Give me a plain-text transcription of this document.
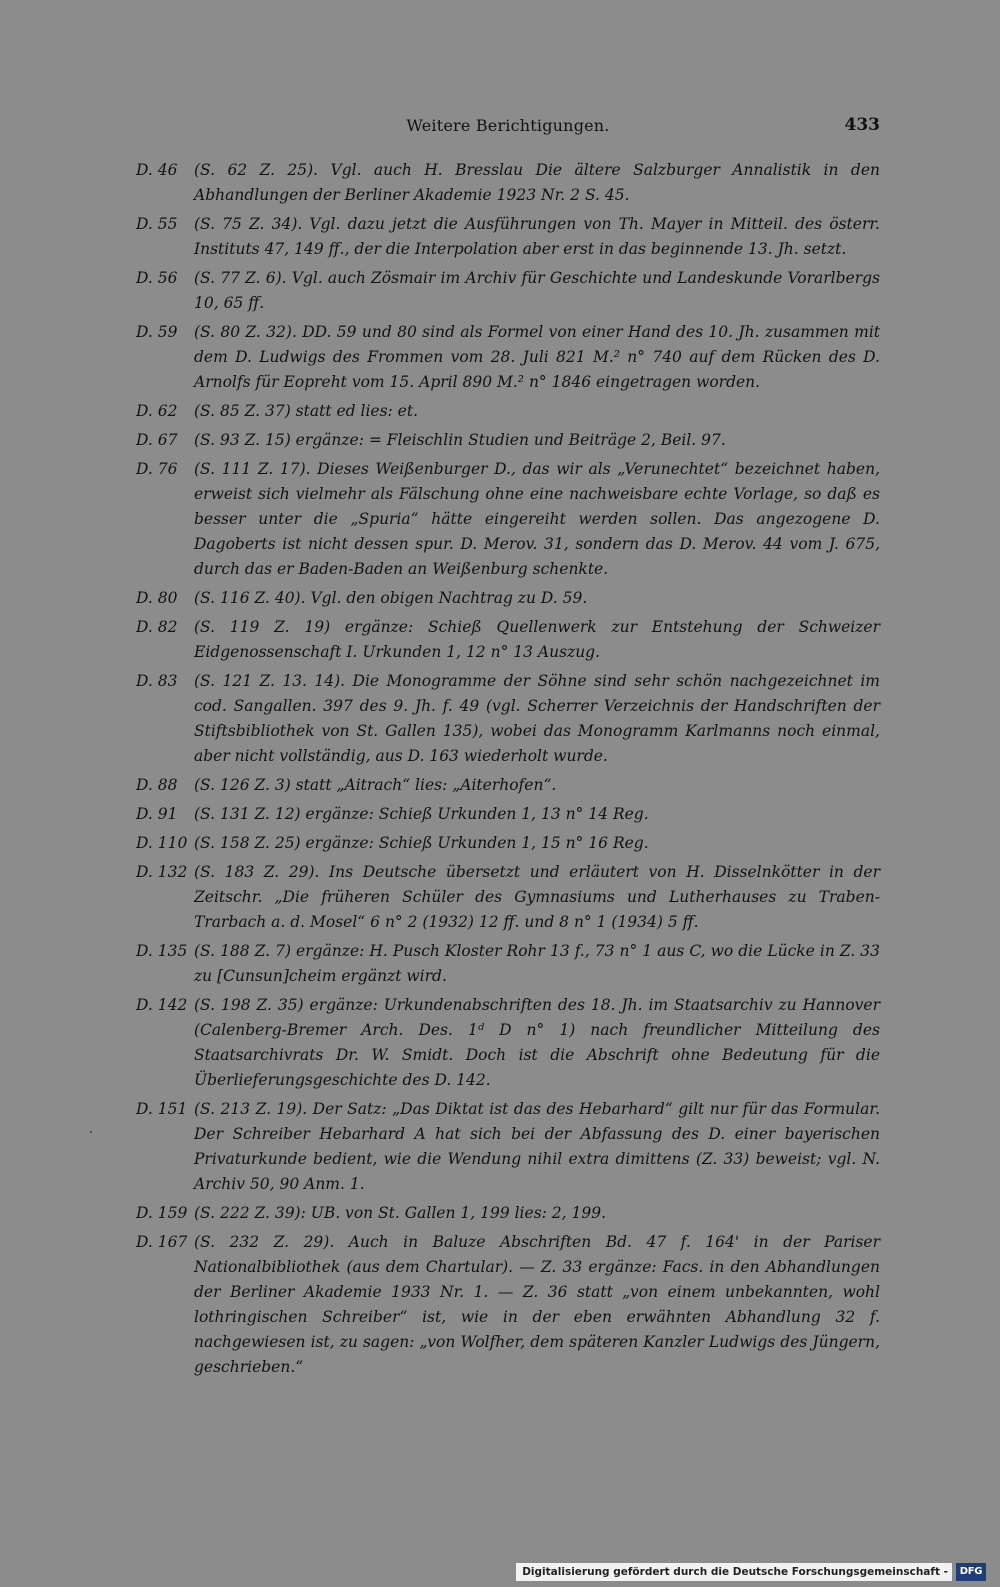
Weitere Berichtigungen.	433
D. 46	(S. 62 Z. 25). Vgl. auch H. Bresslau Die ältere Salzburger Annalistik in den Abhandlungen der Berliner Akademie 1923 Nr. 2 S. 45.
D. 55	(S. 75 Z. 34). Vgl. dazu jetzt die Ausführungen von Th. Mayer in Mitteil. des österr. Instituts 47, 149 ff., der die Interpolation aber erst in das beginnende 13. Jh. setzt.
D. 56	(S. 77 Z. 6). Vgl. auch Zösmair im Archiv für Geschichte und Landeskunde Vorarlbergs 10, 65 ff.
D. 59	(S. 80 Z. 32). DD. 59 und 80 sind als Formel von einer Hand des 10. Jh. zusammen mit dem D. Ludwigs des Frommen vom 28. Juli 821 M.² n° 740 auf dem Rücken des D. Arnolfs für Eopreht vom 15. April 890 M.² n° 1846 eingetragen worden.
D. 62	(S. 85 Z. 37) statt ed lies: et.
D. 67	(S. 93 Z. 15) ergänze: = Fleischlin Studien und Beiträge 2, Beil. 97.
D. 76	(S. 111 Z. 17). Dieses Weißenburger D., das wir als „Verunechtet“ bezeichnet haben, erweist sich vielmehr als Fälschung ohne eine nachweisbare echte Vorlage, so daß es besser unter die „Spuria“ hätte eingereiht werden sollen. Das angezogene D. Dagoberts ist nicht dessen spur. D. Merov. 31, sondern das D. Merov. 44 vom J. 675, durch das er Baden-Baden an Weißenburg schenkte.
D. 80	(S. 116 Z. 40). Vgl. den obigen Nachtrag zu D. 59.
D. 82	(S. 119 Z. 19) ergänze: Schieß Quellenwerk zur Entstehung der Schweizer Eidgenossenschaft I. Urkunden 1, 12 n° 13 Auszug.
D. 83	(S. 121 Z. 13. 14). Die Monogramme der Söhne sind sehr schön nachgezeichnet im cod. Sangallen. 397 des 9. Jh. f. 49 (vgl. Scherrer Verzeichnis der Handschriften der Stiftsbibliothek von St. Gallen 135), wobei das Monogramm Karlmanns noch einmal, aber nicht vollständig, aus D. 163 wiederholt wurde.
D. 88	(S. 126 Z. 3) statt „Aitrach“ lies: „Aiterhofen“.
D. 91	(S. 131 Z. 12) ergänze: Schieß Urkunden 1, 13 n° 14 Reg.
D. 110 (S. 158 Z. 25) ergänze: Schieß Urkunden 1, 15 n° 16 Reg.
D. 132 (S. 183 Z. 29). Ins Deutsche übersetzt und erläutert von H. Disselnkötter in der Zeitschr. „Die früheren Schüler des Gymnasiums und Lutherhauses zu Traben-Trarbach a. d. Mosel“ 6 n° 2 (1932) 12 ff. und 8 n° 1 (1934) 5 ff.
D. 135 (S. 188 Z. 7) ergänze: H. Pusch Kloster Rohr 13 f., 73 n° 1 aus C, wo die Lücke in Z. 33 zu [Cunsun]cheim ergänzt wird.
D. 142 (S. 198 Z. 35) ergänze: Urkundenabschriften des 18. Jh. im Staatsarchiv zu Hannover (Calenberg-Bremer Arch. Des. 1ᵈ D n° 1) nach freundlicher Mitteilung des Staatsarchivrats Dr. W. Smidt. Doch ist die Abschrift ohne Bedeutung für die Überlieferungsgeschichte des D. 142.
D. 151 (S. 213 Z. 19). Der Satz: „Das Diktat ist das des Hebarhard“ gilt nur für das Formular. Der Schreiber Hebarhard A hat sich bei der Abfassung des D. einer bayerischen Privaturkunde bedient, wie die Wendung nihil extra dimittens (Z. 33) beweist; vgl. N. Archiv 50, 90 Anm. 1.
D. 159 (S. 222 Z. 39): UB. von St. Gallen 1, 199 lies: 2, 199.
D. 167 (S. 232 Z. 29). Auch in Baluze Abschriften Bd. 47 f. 164' in der Pariser Nationalbibliothek (aus dem Chartular). — Z. 33 ergänze: Facs. in den Abhandlungen der Berliner Akademie 1933 Nr. 1. — Z. 36 statt „von einem unbekannten, wohl lothringischen Schreiber“ ist, wie in der eben erwähnten Abhandlung 32 f. nachgewiesen ist, zu sagen: „von Wolfher, dem späteren Kanzler Ludwigs des Jüngern, geschrieben.“
Digitalisierung gefördert durch die Deutsche Forschungsgemeinschaft -	DFG
